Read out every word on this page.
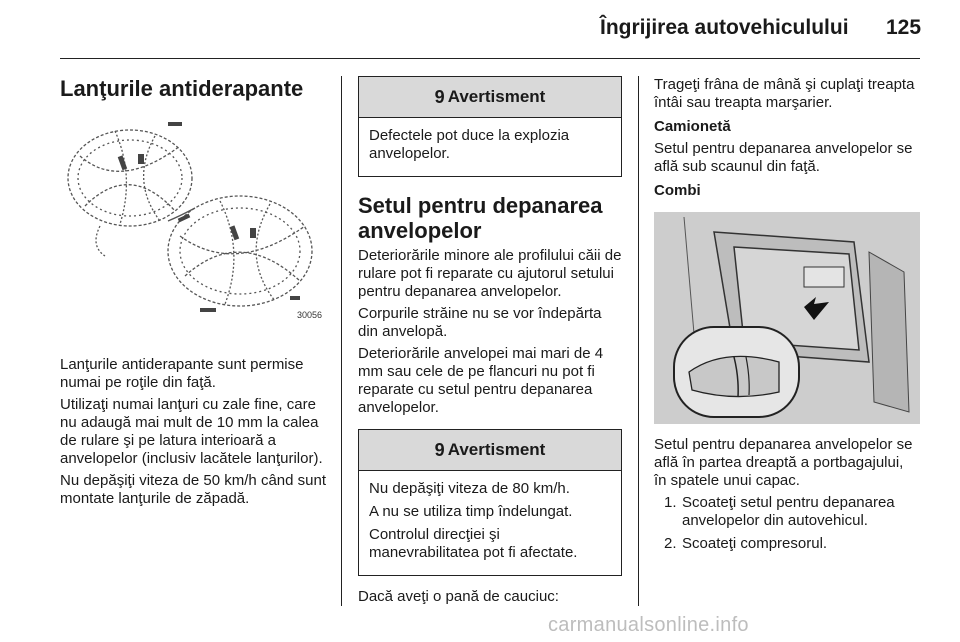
Îngrijirea autovehiculului 125
Lanţurile antiderapante
30056

Lanţurile antiderapante sunt permise numai pe roţile din faţă.

Utilizaţi numai lanţuri cu zale fine, care nu adaugă mai mult de 10 mm la calea de rulare şi pe latura interioară a anvelopelor (inclusiv lacătele lanţurilor).

Nu depăşiţi viteza de 50 km/h când sunt montate lanţurile de zăpadă.

9 Avertisment

Defectele pot duce la explozia anvelopelor.

Setul pentru depanarea anvelopelor

Deteriorările minore ale profilului căii de rulare pot fi reparate cu ajutorul setului pentru depanarea anvelopelor.

Corpurile străine nu se vor îndepărta din anvelopă.

Deteriorările anvelopei mai mari de 4 mm sau cele de pe flancuri nu pot fi reparate cu setul pentru depanarea anvelopelor.

9 Avertisment

Nu depăşiţi viteza de 80 km/h.

A nu se utiliza timp îndelungat.

Controlul direcţiei şi manevrabilitatea pot fi afectate.

Dacă aveţi o pană de cauciuc:

Trageţi frâna de mână şi cuplaţi treapta întâi sau treapta marşarier.

Camionetă

Setul pentru depanarea anvelopelor se află sub scaunul din faţă.

Combi

Setul pentru depanarea anvelopelor se află în partea dreaptă a portbagajului, în spatele unui capac.

1. Scoateţi setul pentru depanarea anvelopelor din autovehicul.
2. Scoateţi compresorul.
carmanualsonline.info
